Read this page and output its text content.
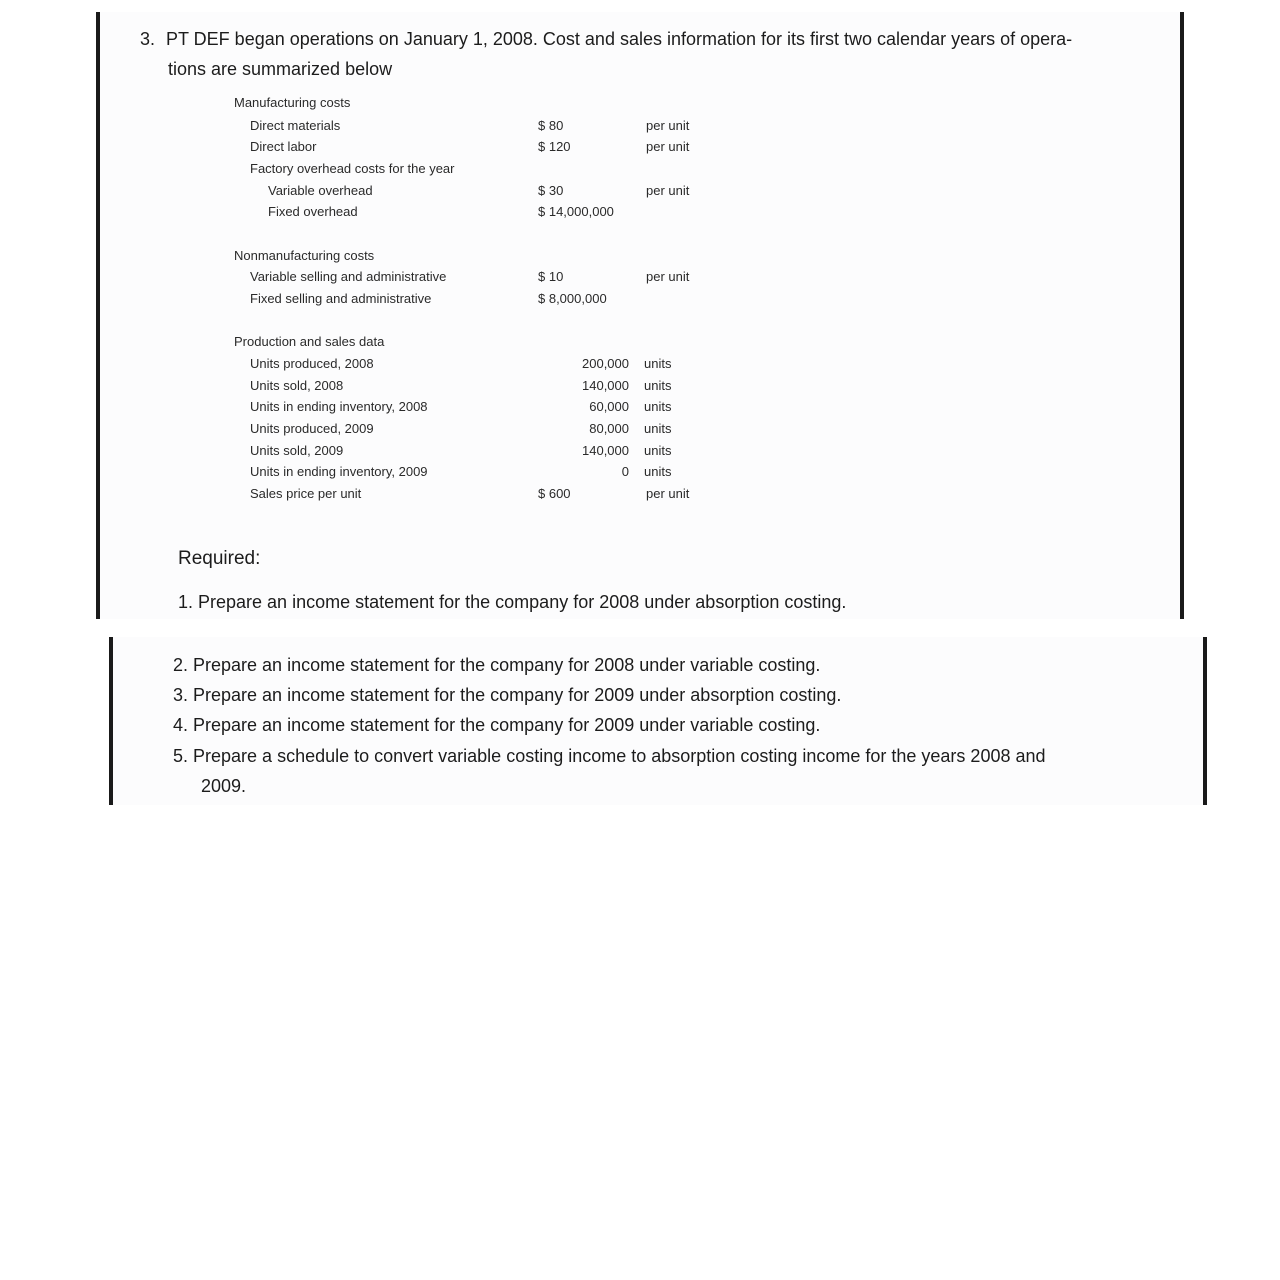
3. PT DEF began operations on January 1, 2008. Cost and sales information for its first two calendar years of opera-
tions are summarized below

Manufacturing costs
Direct materials	$ 80	per unit
Direct labor	$ 120	per unit
Factory overhead costs for the year
Variable overhead	$ 30	per unit
Fixed overhead	$ 14,000,000
Nonmanufacturing costs
Variable selling and administrative	$ 10	per unit
Fixed selling and administrative	$ 8,000,000
Production and sales data
Units produced, 2008	200,000 units
Units sold, 2008	140,000 units
Units in ending inventory, 2008	60,000 units
Units produced, 2009	80,000 units
Units sold, 2009	140,000 units
Units in ending inventory, 2009	0 units
Sales price per unit	$ 600	per unit
Required:

1. Prepare an income statement for the company for 2008 under absorption costing.

2. Prepare an income statement for the company for 2008 under variable costing.

3. Prepare an income statement for the company for 2009 under absorption costing.

4. Prepare an income statement for the company for 2009 under variable costing.

5. Prepare a schedule to convert variable costing income to absorption costing income for the years 2008 and
2009.
